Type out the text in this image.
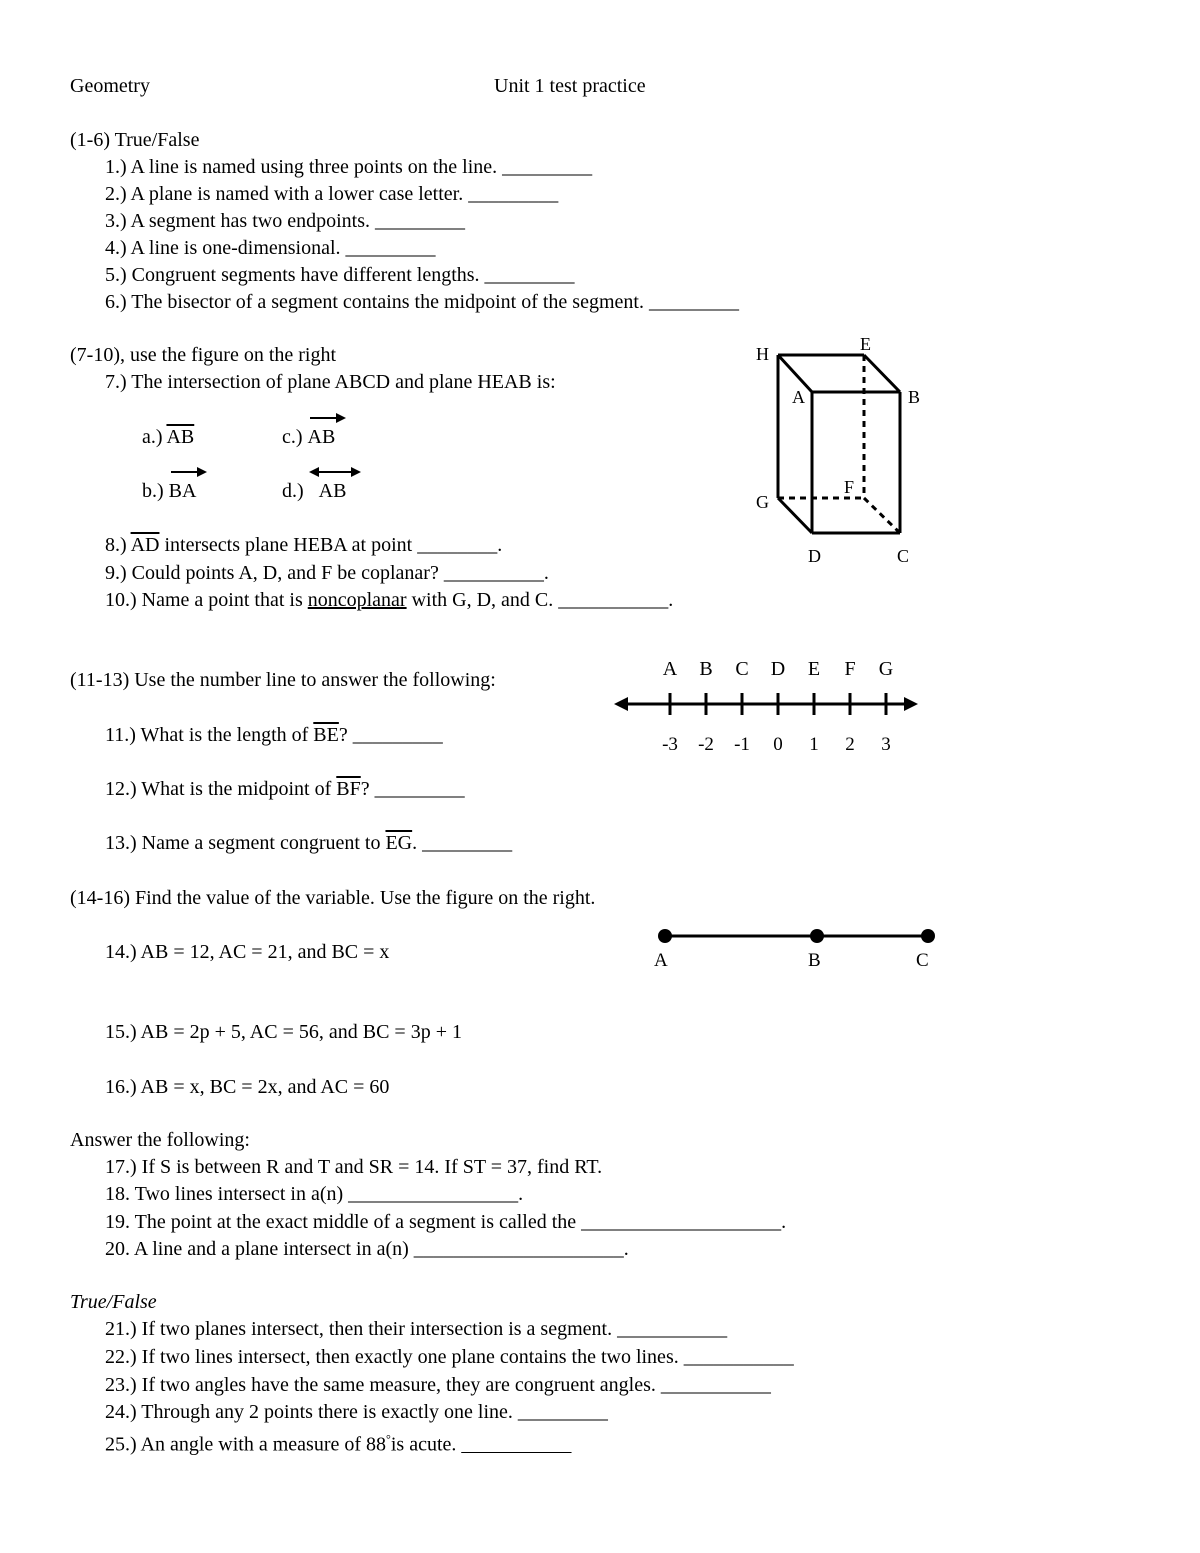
Geometry	Unit 1 test practice
(1-6) True/False
1.) A line is named using three points on the line. _________
2.) A plane is named with a lower case letter. _________
3.) A segment has two endpoints. _________
4.) A line is one-dimensional. _________
5.) Congruent segments have different lengths. _________
6.) The bisector of a segment contains the midpoint of the segment. _________
(7-10), use the figure on the right
7.) The intersection of plane ABCD and plane HEAB is:
a.) $\overline{AB}$	c.) AB
b.) BA	d.) AB
8.) $\overline{AD}$ intersects plane HEBA at point ________.
9.) Could points A, D, and F be coplanar? __________.
10.) Name a point that is noncoplanar with G, D, and C. ___________.
H	E
A	B
G
F
D	C
(11-13) Use the number line to answer the following:
11.) What is the length of $\overline{BE}$? _________
12.) What is the midpoint of $\overline{BF}$? _________
13.) Name a segment congruent to $\overline{EG}$. _________
A
-3
B
-2
C
-1
D
0
E
1
F
2
G
3
(14-16) Find the value of the variable. Use the figure on the right.
14.) AB = 12, AC = 21, and BC = x
15.) AB = 2p + 5, AC = 56, and BC = 3p + 1
16.) AB = x, BC = 2x, and AC = 60
A	B	C
Answer the following:
17.) If S is between R and T and SR = 14. If ST = 37, find RT.
18. Two lines intersect in a(n) _________________.
19. The point at the exact middle of a segment is called the ____________________.
20. A line and a plane intersect in a(n) _____________________.
True/False
21.) If two planes intersect, then their intersection is a segment. ___________
22.) If two lines intersect, then exactly one plane contains the two lines. ___________
23.) If two angles have the same measure, they are congruent angles. ___________
24.) Through any 2 points there is exactly one line. _________
25.) An angle with a measure of 88°is acute. ___________
